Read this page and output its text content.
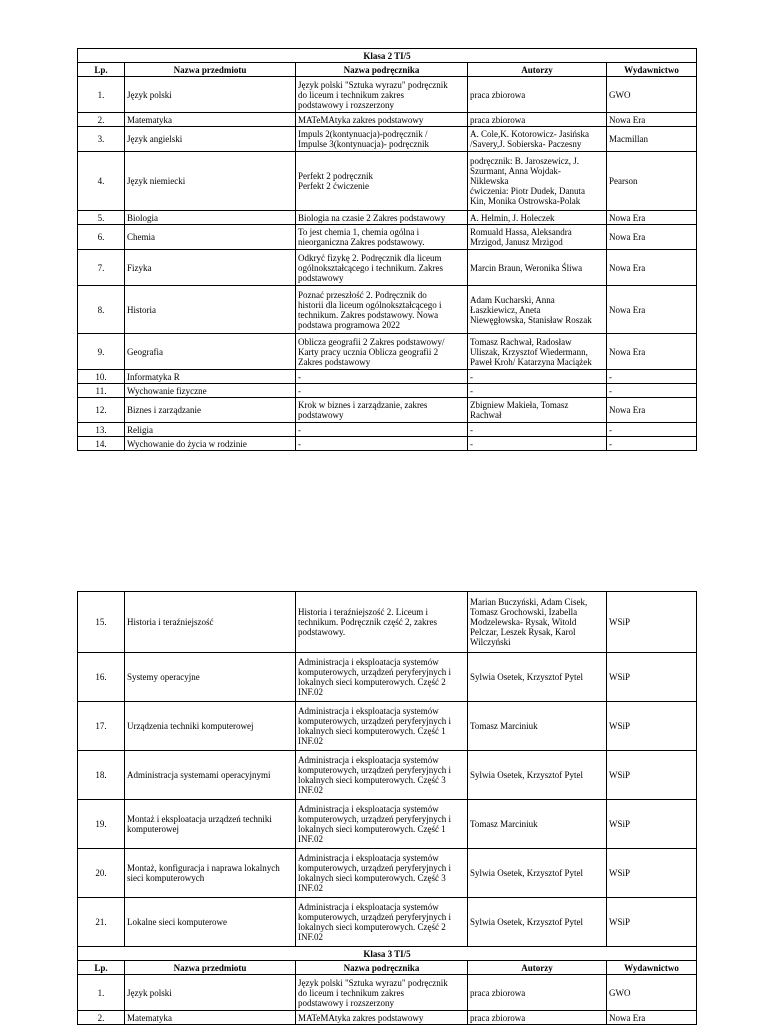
Klasa 2 TI/5				
Lp.	Nazwa przedmiotu	Nazwa podręcznika	Autorzy	Wydawnictwo
1.	Język polski	Język polski "Sztuka wyrazu" podręcznik
do liceum i technikum zakres
podstawowy i rozszerzony	praca zbiorowa	GWO
2.	Matematyka	MATeMAtyka zakres podstawowy	praca zbiorowa	Nowa Era
3.	Język angielski	Impuls 2(kontynuacja)-podręcznik /
Impulse 3(kontynuacja)- podręcznik	A. Cole,K. Kotorowicz- Jasińska
/Savery,J. Sobierska- Paczesny	Macmillan
4.	Język niemiecki	Perfekt 2 podręcznik
Perfekt 2 ćwiczenie	podręcznik: B. Jaroszewicz, J.
Szurmant, Anna Wojdak-
Niklewska
ćwiczenia: Piotr Dudek, Danuta
Kin, Monika Ostrowska-Polak	Pearson
5.	Biologia	Biologia na czasie 2 Zakres podstawowy	A. Helmin, J. Holeczek	Nowa Era
6.	Chemia	To jest chemia 1, chemia ogólna i
nieorganiczna Zakres podstawowy.	Romuald Hassa, Aleksandra
Mrzigod, Janusz Mrzigod	Nowa Era
7.	Fizyka	Odkryć fizykę 2. Podręcznik dla liceum
ogólnokształcącego i technikum. Zakres
podstawowy	Marcin Braun, Weronika Śliwa	Nowa Era
8.	Historia	Poznać przeszłość 2. Podręcznik do
historii dla liceum ogólnokształcącego i
technikum. Zakres podstawowy. Nowa
podstawa programowa 2022	Adam Kucharski, Anna
Łaszkiewicz, Aneta
Niewęgłowska, Stanisław Roszak	Nowa Era
9.	Geografia	Oblicza geografii 2 Zakres podstawowy/
Karty pracy ucznia Oblicza geografii 2
Zakres podstawowy	Tomasz Rachwał, Radosław
Uliszak, Krzysztof Wiedermann,
Paweł Kroh/ Katarzyna Maciążek	Nowa Era
10.	Informatyka R	-	-	-
11.	Wychowanie fizyczne	-	-	-
12.	Biznes i zarządzanie	Krok w biznes i zarządzanie, zakres
podstawowy	Zbigniew Makieła, Tomasz
Rachwał	Nowa Era
13.	Religia	-	-	-
14.	Wychowanie do życia w rodzinie	-	-	-
15.	Historia i teraźniejszość	Historia i teraźniejszość 2. Liceum i
technikum. Podręcznik część 2, zakres
podstawowy.	Marian Buczyński, Adam Cisek,
Tomasz Grochowski, Izabella
Modzelewska- Rysak, Witold
Pelczar, Leszek Rysak, Karol
Wilczyński	WSiP
16.	Systemy operacyjne	Administracja i eksploatacja systemów
komputerowych, urządzeń peryferyjnych i
lokalnych sieci komputerowych. Część 2
INF.02	Sylwia Osetek, Krzysztof Pytel	WSiP
17.	Urządzenia techniki komputerowej	Administracja i eksploatacja systemów
komputerowych, urządzeń peryferyjnych i
lokalnych sieci komputerowych. Część 1
INF.02	Tomasz Marciniuk	WSiP
18.	Administracja systemami operacyjnymi	Administracja i eksploatacja systemów
komputerowych, urządzeń peryferyjnych i
lokalnych sieci komputerowych. Część 3
INF.02	Sylwia Osetek, Krzysztof Pytel	WSiP
19.	Montaż i eksploatacja urządzeń techniki
komputerowej	Administracja i eksploatacja systemów
komputerowych, urządzeń peryferyjnych i
lokalnych sieci komputerowych. Część 1
INF.02	Tomasz Marciniuk	WSiP
20.	Montaż, konfiguracja i naprawa lokalnych
sieci komputerowych	Administracja i eksploatacja systemów
komputerowych, urządzeń peryferyjnych i
lokalnych sieci komputerowych. Część 3
INF.02	Sylwia Osetek, Krzysztof Pytel	WSiP
21.	Lokalne sieci komputerowe	Administracja i eksploatacja systemów
komputerowych, urządzeń peryferyjnych i
lokalnych sieci komputerowych. Część 2
INF.02	Sylwia Osetek, Krzysztof Pytel	WSiP
Klasa 3 TI/5				
Lp.	Nazwa przedmiotu	Nazwa podręcznika	Autorzy	Wydawnictwo
1.	Język polski	Język polski "Sztuka wyrazu" podręcznik
do liceum i technikum zakres
podstawowy i rozszerzony	praca zbiorowa	GWO
2.	Matematyka	MATeMAtyka zakres podstawowy	praca zbiorowa	Nowa Era
